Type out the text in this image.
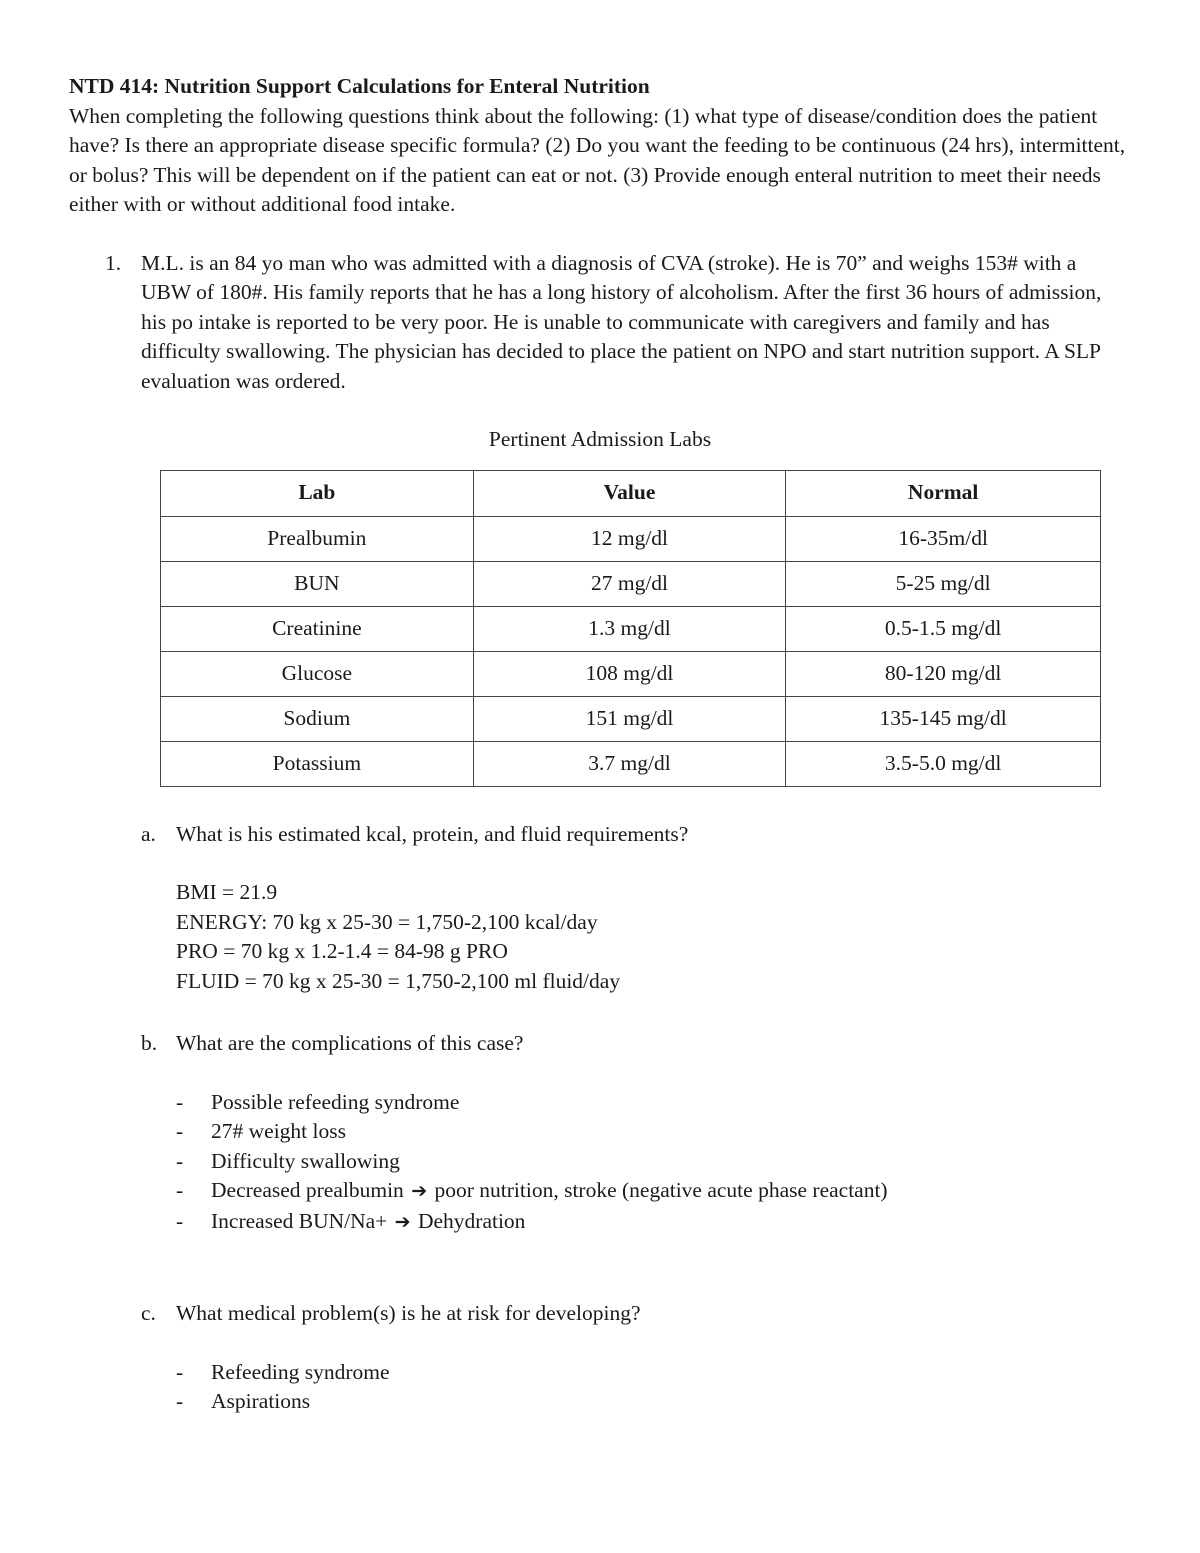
NTD 414: Nutrition Support Calculations for Enteral Nutrition

When completing the following questions think about the following: (1) what type of disease/condition does the patient have? Is there an appropriate disease specific formula? (2) Do you want the feeding to be continuous (24 hrs), intermittent, or bolus? This will be dependent on if the patient can eat or not. (3) Provide enough enteral nutrition to meet their needs either with or without additional food intake.

1. M.L. is an 84 yo man who was admitted with a diagnosis of CVA (stroke). He is 70” and weighs 153# with a UBW of 180#. His family reports that he has a long history of alcoholism. After the first 36 hours of admission, his po intake is reported to be very poor. He is unable to communicate with caregivers and family and has difficulty swallowing. The physician has decided to place the patient on NPO and start nutrition support. A SLP evaluation was ordered.

Pertinent Admission Labs
Lab	Value	Normal
Prealbumin	12 mg/dl	16-35m/dl
BUN	27 mg/dl	5-25 mg/dl
Creatinine	1.3 mg/dl	0.5-1.5 mg/dl
Glucose	108 mg/dl	80-120 mg/dl
Sodium	151 mg/dl	135-145 mg/dl
Potassium	3.7 mg/dl	3.5-5.0 mg/dl
a. What is his estimated kcal, protein, and fluid requirements?
BMI = 21.9
ENERGY: 70 kg x 25-30 = 1,750-2,100 kcal/day
PRO = 70 kg x 1.2-1.4 = 84-98 g PRO
FLUID = 70 kg x 25-30 = 1,750-2,100 ml fluid/day
b. What are the complications of this case?
- Possible refeeding syndrome
- 27# weight loss
- Difficulty swallowing
- Decreased prealbumin ➔ poor nutrition, stroke (negative acute phase reactant)
- Increased BUN/Na+ ➔ Dehydration
c. What medical problem(s) is he at risk for developing?
- Refeeding syndrome
- Aspirations
